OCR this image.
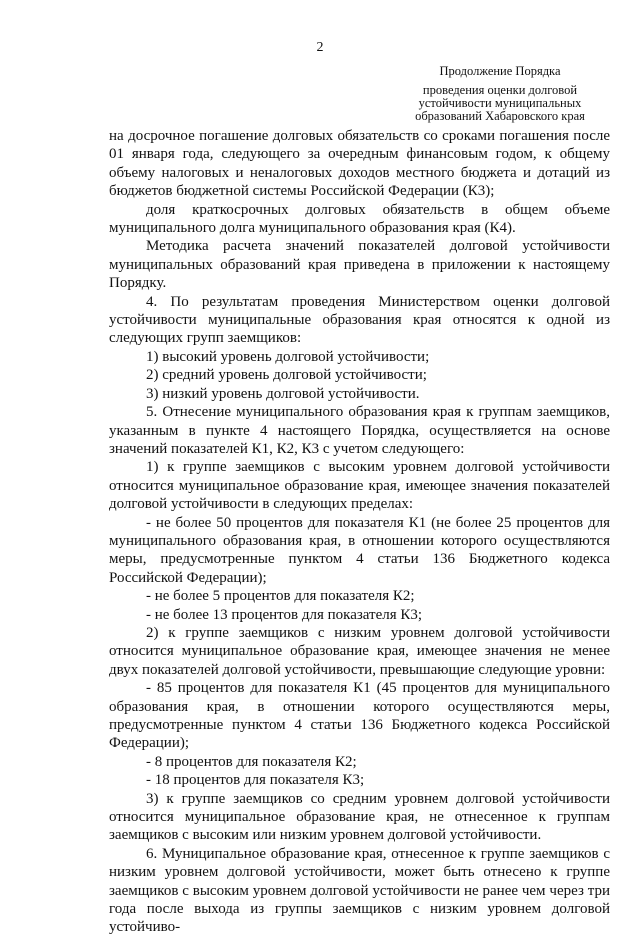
2
Продолжение Порядка
проведения оценки долговой
устойчивости муниципальных
образований Хабаровского края

на досрочное погашение долговых обязательств со сроками погашения после 01 января года, следующего за очередным финансовым годом, к общему объему налоговых и неналоговых доходов местного бюджета и дотаций из бюджетов бюджетной системы Российской Федерации (К3);

доля краткосрочных долговых обязательств в общем объеме муниципального долга муниципального образования края (К4).

Методика расчета значений показателей долговой устойчивости муниципальных образований края приведена в приложении к настоящему Порядку.

4. По результатам проведения Министерством оценки долговой устойчивости муниципальные образования края относятся к одной из следующих групп заемщиков:

1) высокий уровень долговой устойчивости;

2) средний уровень долговой устойчивости;

3) низкий уровень долговой устойчивости.

5. Отнесение муниципального образования края к группам заемщиков, указанным в пункте 4 настоящего Порядка, осуществляется на основе значений показателей К1, К2, К3 с учетом следующего:

1) к группе заемщиков с высоким уровнем долговой устойчивости относится муниципальное образование края, имеющее значения показателей долговой устойчивости в следующих пределах:

- не более 50 процентов для показателя К1 (не более 25 процентов для муниципального образования края, в отношении которого осуществляются меры, предусмотренные пунктом 4 статьи 136 Бюджетного кодекса Российской Федерации);

- не более 5 процентов для показателя К2;

- не более 13 процентов для показателя К3;

2) к группе заемщиков с низким уровнем долговой устойчивости относится муниципальное образование края, имеющее значения не менее двух показателей долговой устойчивости, превышающие следующие уровни:

- 85 процентов для показателя К1 (45 процентов для муниципального образования края, в отношении которого осуществляются меры, предусмотренные пунктом 4 статьи 136 Бюджетного кодекса Российской Федерации);

- 8 процентов для показателя К2;

- 18 процентов для показателя К3;

3) к группе заемщиков со средним уровнем долговой устойчивости относится муниципальное образование края, не отнесенное к группам заемщиков с высоким или низким уровнем долговой устойчивости.

6. Муниципальное образование края, отнесенное к группе заемщиков с низким уровнем долговой устойчивости, может быть отнесено к группе заемщиков с высоким уровнем долговой устойчивости не ранее чем через три года после выхода из группы заемщиков с низким уровнем долговой устойчиво-
